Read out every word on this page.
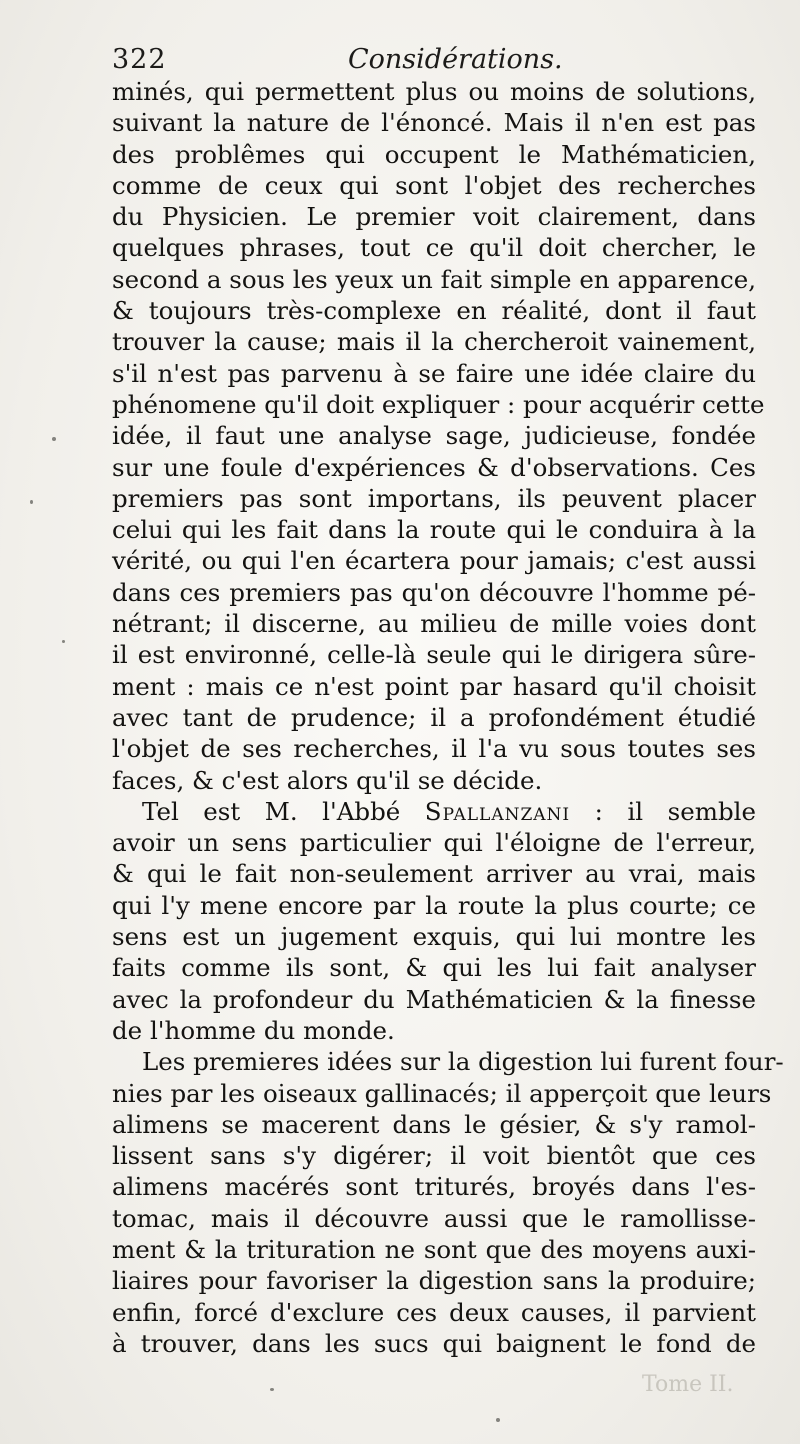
322	Considérations.
minés, qui permettent plus ou moins de solutions,
suivant la nature de l'énoncé. Mais il n'en est pas
des problêmes qui occupent le Mathématicien,
comme de ceux qui sont l'objet des recherches
du Physicien. Le premier voit clairement, dans
quelques phrases, tout ce qu'il doit chercher, le
second a sous les yeux un fait simple en apparence,
& toujours très-complexe en réalité, dont il faut
trouver la cause; mais il la chercheroit vainement,
s'il n'est pas parvenu à se faire une idée claire du
phénomene qu'il doit expliquer : pour acquérir cette
idée, il faut une analyse sage, judicieuse, fondée
sur une foule d'expériences & d'observations. Ces
premiers pas sont importans, ils peuvent placer
celui qui les fait dans la route qui le conduira à la
vérité, ou qui l'en écartera pour jamais; c'est aussi
dans ces premiers pas qu'on découvre l'homme pé-
nétrant; il discerne, au milieu de mille voies dont
il est environné, celle-là seule qui le dirigera sûre-
ment : mais ce n'est point par hasard qu'il choisit
avec tant de prudence; il a profondément étudié
l'objet de ses recherches, il l'a vu sous toutes ses
faces, & c'est alors qu'il se décide.
Tel est M. l'Abbé Spallanzani : il semble
avoir un sens particulier qui l'éloigne de l'erreur,
& qui le fait non-seulement arriver au vrai, mais
qui l'y mene encore par la route la plus courte; ce
sens est un jugement exquis, qui lui montre les
faits comme ils sont, & qui les lui fait analyser
avec la profondeur du Mathématicien & la finesse
de l'homme du monde.
Les premieres idées sur la digestion lui furent four-
nies par les oiseaux gallinacés; il apperçoit que leurs
alimens se macerent dans le gésier, & s'y ramol-
lissent sans s'y digérer; il voit bientôt que ces
alimens macérés sont triturés, broyés dans l'es-
tomac, mais il découvre aussi que le ramollisse-
ment & la trituration ne sont que des moyens auxi-
liaires pour favoriser la digestion sans la produire;
enfin, forcé d'exclure ces deux causes, il parvient
à trouver, dans les sucs qui baignent le fond de
Tome II.
